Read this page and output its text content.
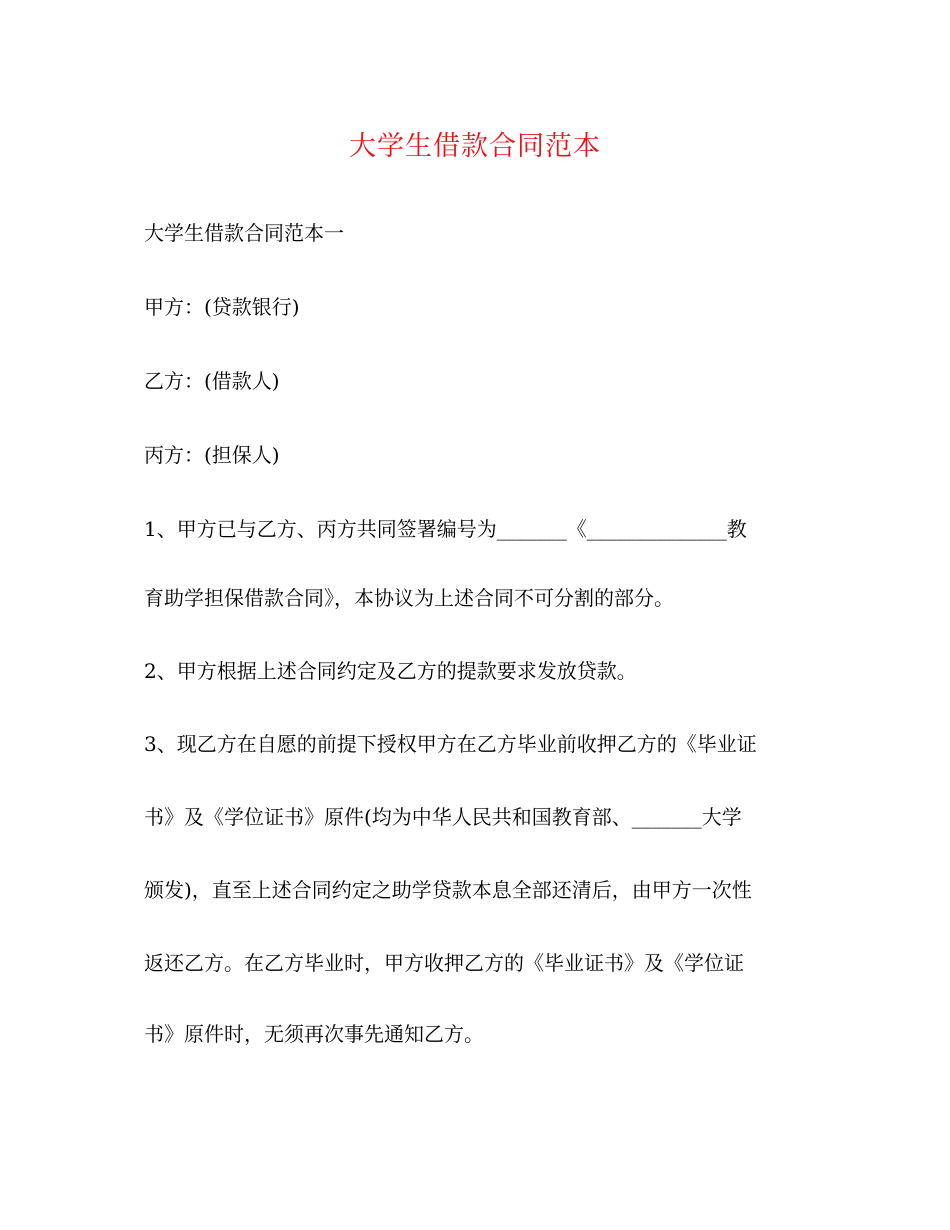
大学生借款合同范本
大学生借款合同范本一
甲方：(贷款银行)
乙方：(借款人)
丙方：(担保人)
1、甲方已与乙方、丙方共同签署编号为_______《______________教
育助学担保借款合同》，本协议为上述合同不可分割的部分。
2、甲方根据上述合同约定及乙方的提款要求发放贷款。
3、现乙方在自愿的前提下授权甲方在乙方毕业前收押乙方的《毕业证
书》及《学位证书》原件(均为中华人民共和国教育部、_______大学
颁发)，直至上述合同约定之助学贷款本息全部还清后，由甲方一次性
返还乙方。在乙方毕业时，甲方收押乙方的《毕业证书》及《学位证
书》原件时，无须再次事先通知乙方。
